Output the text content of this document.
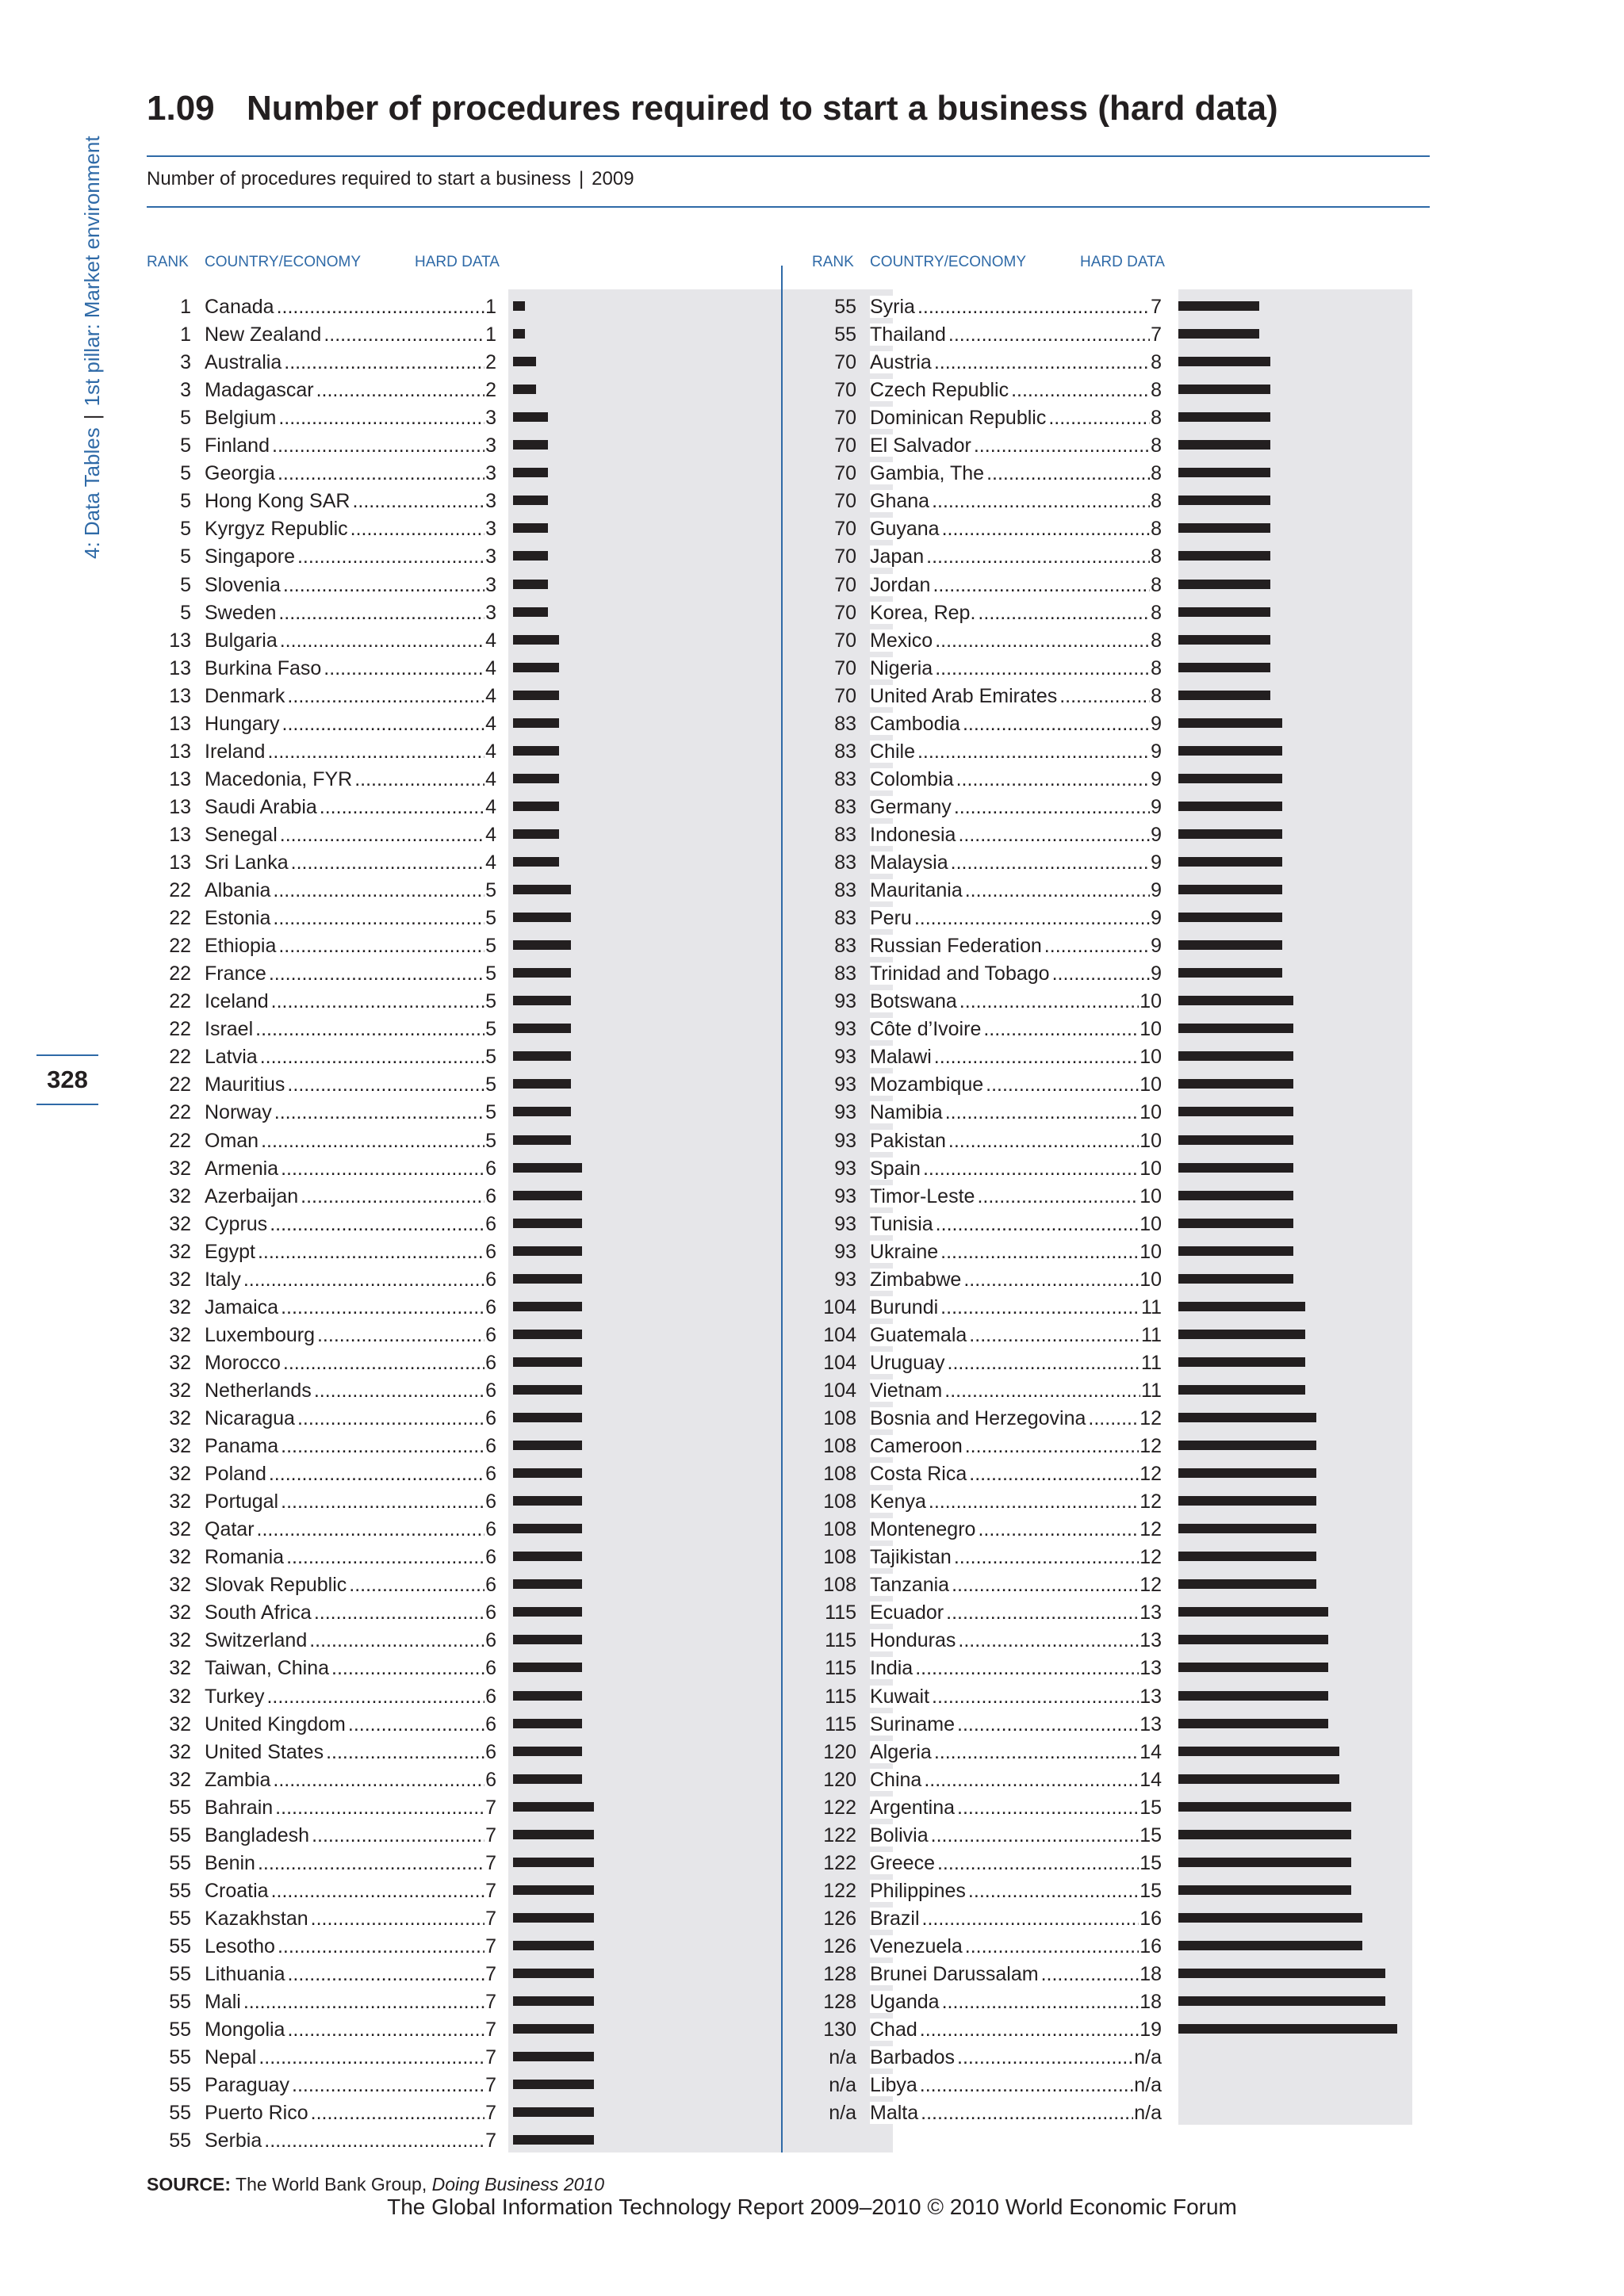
4: Data Tables|1st pillar: Market environment
328
1.09 Number of procedures required to start a business (hard data)
Number of procedures required to start a business | 2009
RANK COUNTRY/ECONOMY	HARD DATA
1 Canada .....	1
1 New Zealand .....	1
3 Australia .....	2
3 Madagascar .....	2
5 Belgium .....	3
5 Finland .....	3
5 Georgia .....	3
5 Hong Kong SAR .....	3
5 Kyrgyz Republic .....	3
5 Singapore .....	3
5 Slovenia .....	3
5 Sweden .....	3
13 Bulgaria .....	4
13 Burkina Faso .....	4
13 Denmark .....	4
13 Hungary .....	4
13 Ireland .....	4
13 Macedonia, FYR .....	4
13 Saudi Arabia .....	4
13 Senegal .....	4
13 Sri Lanka .....	4
22 Albania .....	5
22 Estonia .....	5
22 Ethiopia .....	5
22 France .....	5
22 Iceland .....	5
22 Israel .....	5
22 Latvia .....	5
22 Mauritius .....	5
22 Norway .....	5
22 Oman .....	5
32 Armenia .....	6
32 Azerbaijan .....	6
32 Cyprus .....	6
32 Egypt .....	6
32 Italy .....	6
32 Jamaica .....	6
32 Luxembourg .....	6
32 Morocco .....	6
32 Netherlands .....	6
32 Nicaragua .....	6
32 Panama .....	6
32 Poland .....	6
32 Portugal .....	6
32 Qatar .....	6
32 Romania .....	6
32 Slovak Republic .....	6
32 South Africa .....	6
32 Switzerland .....	6
32 Taiwan, China .....	6
32 Turkey .....	6
32 United Kingdom .....	6
32 United States .....	6
32 Zambia .....	6
55 Bahrain .....	7
55 Bangladesh .....	7
55 Benin .....	7
55 Croatia .....	7
55 Kazakhstan .....	7
55 Lesotho .....	7
55 Lithuania .....	7
55 Mali .....	7
55 Mongolia .....	7
55 Nepal .....	7
55 Paraguay .....	7
55 Puerto Rico .....	7
55 Serbia .....	7
RANK COUNTRY/ECONOMY	HARD DATA
55 Syria .....	7
55 Thailand .....	7
70 Austria .....	8
70 Czech Republic .....	8
70 Dominican Republic .....	8
70 El Salvador .....	8
70 Gambia, The .....	8
70 Ghana .....	8
70 Guyana .....	8
70 Japan .....	8
70 Jordan .....	8
70 Korea, Rep. .....	8
70 Mexico .....	8
70 Nigeria .....	8
70 United Arab Emirates .....	8
83 Cambodia .....	9
83 Chile .....	9
83 Colombia .....	9
83 Germany .....	9
83 Indonesia .....	9
83 Malaysia .....	9
83 Mauritania .....	9
83 Peru .....	9
83 Russian Federation .....	9
83 Trinidad and Tobago .....	9
93 Botswana .....	10
93 Côte d’Ivoire .....	10
93 Malawi .....	10
93 Mozambique .....	10
93 Namibia .....	10
93 Pakistan .....	10
93 Spain .....	10
93 Timor-Leste .....	10
93 Tunisia .....	10
93 Ukraine .....	10
93 Zimbabwe .....	10
104 Burundi .....	11
104 Guatemala .....	11
104 Uruguay .....	11
104 Vietnam .....	11
108 Bosnia and Herzegovina .....	12
108 Cameroon .....	12
108 Costa Rica .....	12
108 Kenya .....	12
108 Montenegro .....	12
108 Tajikistan .....	12
108 Tanzania .....	12
115 Ecuador .....	13
115 Honduras .....	13
115 India .....	13
115 Kuwait .....	13
115 Suriname .....	13
120 Algeria .....	14
120 China .....	14
122 Argentina .....	15
122 Bolivia .....	15
122 Greece .....	15
122 Philippines .....	15
126 Brazil .....	16
126 Venezuela .....	16
128 Brunei Darussalam .....	18
128 Uganda .....	18
130 Chad .....	19
n/a Barbados .....	n/a
n/a Libya .....	n/a
n/a Malta .....	n/a
SOURCE: The World Bank Group, Doing Business 2010
The Global Information Technology Report 2009–2010 © 2010 World Economic Forum
